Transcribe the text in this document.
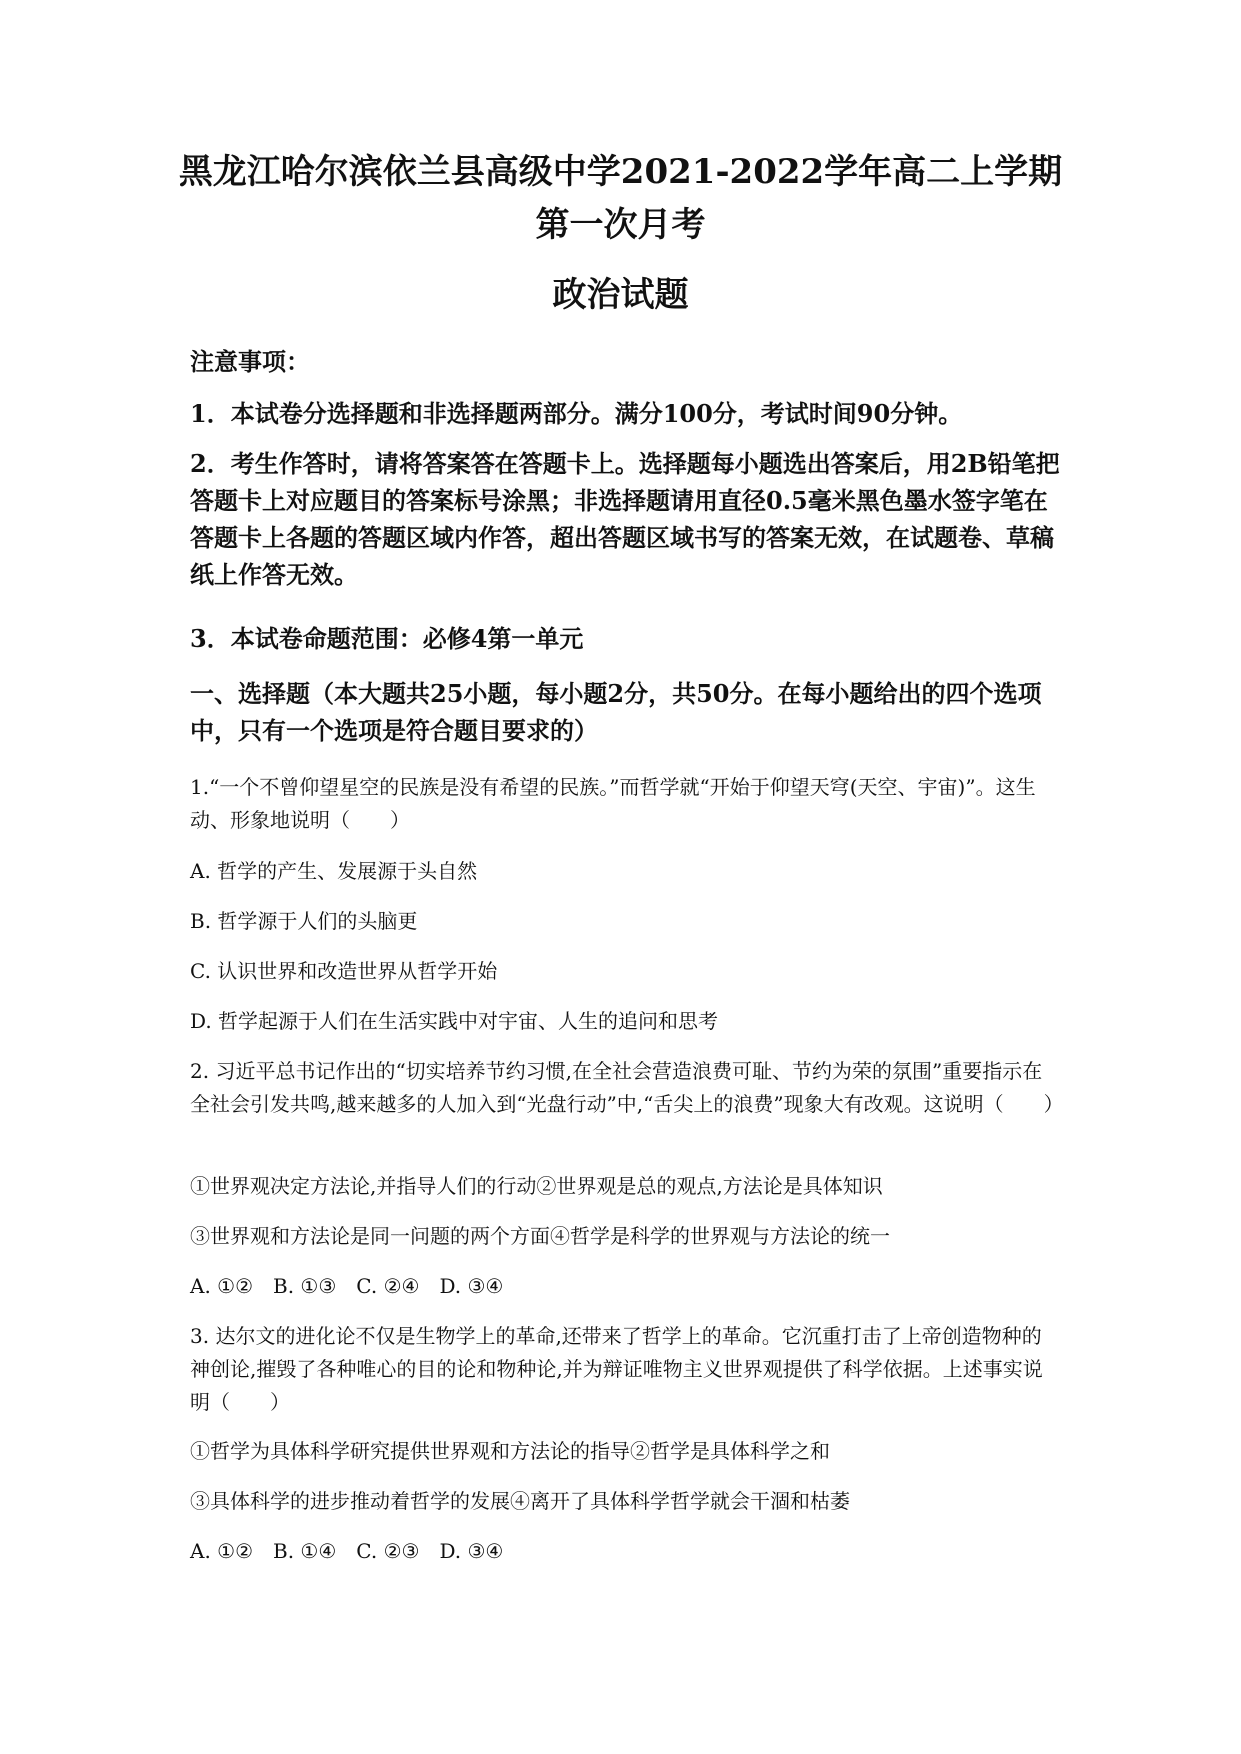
黑龙江哈尔滨依兰县高级中学2021-2022学年高二上学期
第一次月考
政治试题

注意事项：

1．本试卷分选择题和非选择题两部分。满分100分，考试时间90分钟。

2．考生作答时，请将答案答在答题卡上。选择题每小题选出答案后，用2B铅笔把答题卡上对应题目的答案标号涂黑；非选择题请用直径0.5毫米黑色墨水签字笔在答题卡上各题的答题区域内作答，超出答题区域书写的答案无效，在试题卷、草稿纸上作答无效。

3．本试卷命题范围：必修4第一单元

一、选择题（本大题共25小题，每小题2分，共50分。在每小题给出的四个选项中，只有一个选项是符合题目要求的）

1.“一个不曾仰望星空的民族是没有希望的民族。”而哲学就“开始于仰望天穹(天空、宇宙)”。这生动、形象地说明（　　）

A. 哲学的产生、发展源于头自然

B. 哲学源于人们的头脑更

C. 认识世界和改造世界从哲学开始

D. 哲学起源于人们在生活实践中对宇宙、人生的追问和思考

2. 习近平总书记作出的“切实培养节约习惯,在全社会营造浪费可耻、节约为荣的氛围”重要指示在全社会引发共鸣,越来越多的人加入到“光盘行动”中,“舌尖上的浪费”现象大有改观。这说明（　　）

①世界观决定方法论,并指导人们的行动②世界观是总的观点,方法论是具体知识

③世界观和方法论是同一问题的两个方面④哲学是科学的世界观与方法论的统一

A. ①②　B. ①③　C. ②④　D. ③④

3. 达尔文的进化论不仅是生物学上的革命,还带来了哲学上的革命。它沉重打击了上帝创造物种的神创论,摧毁了各种唯心的目的论和物种论,并为辩证唯物主义世界观提供了科学依据。上述事实说明（　　）

①哲学为具体科学研究提供世界观和方法论的指导②哲学是具体科学之和

③具体科学的进步推动着哲学的发展④离开了具体科学哲学就会干涸和枯萎

A. ①②　B. ①④　C. ②③　D. ③④
